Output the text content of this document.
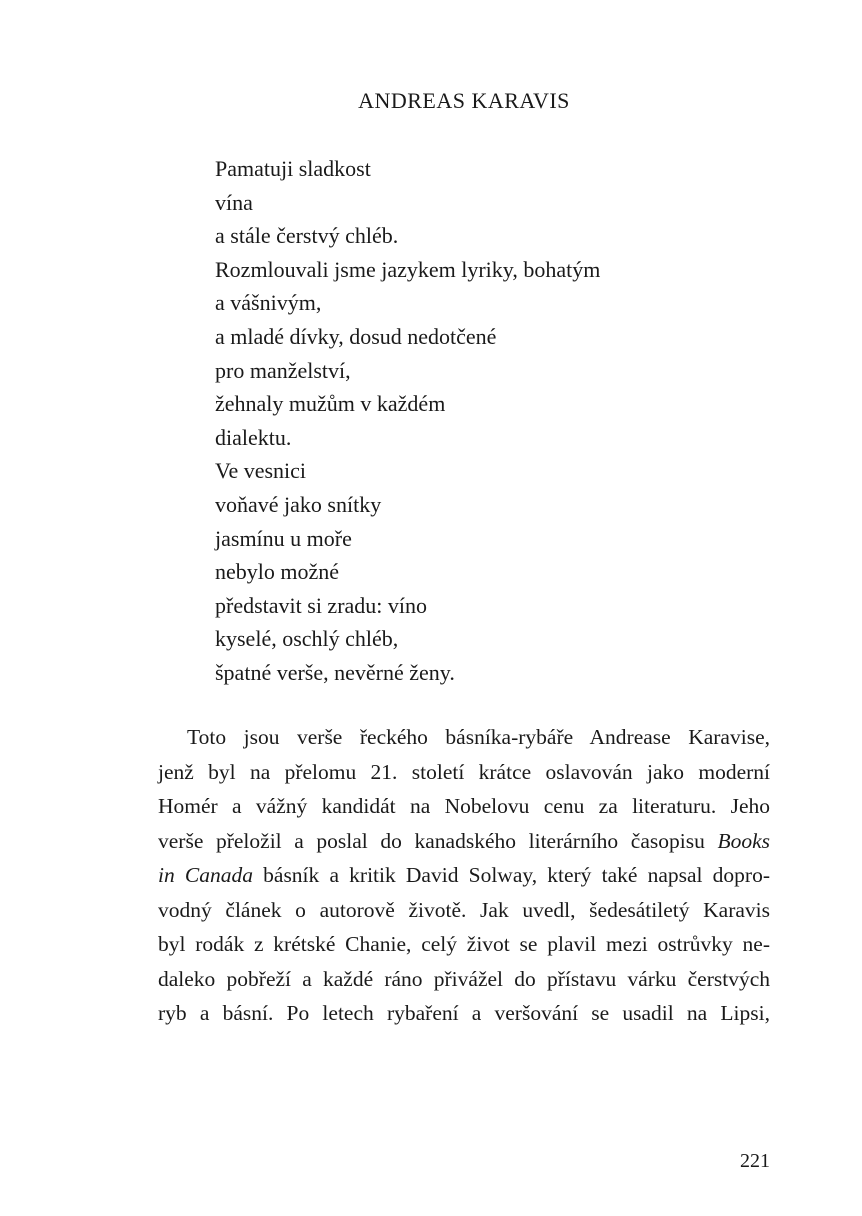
ANDREAS KARAVIS
Pamatuji sladkost
vína
a stále čerstvý chléb.
Rozmlouvali jsme jazykem lyriky, bohatým
a vášnivým,
a mladé dívky, dosud nedotčené
pro manželství,
žehnaly mužům v každém
dialektu.
Ve vesnici
voňavé jako snítky
jasmínu u moře
nebylo možné
představit si zradu: víno
kyselé, oschlý chléb,
špatné verše, nevěrné ženy.
Toto jsou verše řeckého básníka-rybáře Andrease Karavise,
jenž byl na přelomu 21. století krátce oslavován jako moderní
Homér a vážný kandidát na Nobelovu cenu za literaturu. Jeho
verše přeložil a poslal do kanadského literárního časopisu Books
in Canada básník a kritik David Solway, který také napsal dopro-
vodný článek o autorově životě. Jak uvedl, šedesátiletý Karavis
byl rodák z krétské Chanie, celý život se plavil mezi ostrůvky ne-
daleko pobřeží a každé ráno přivážel do přístavu várku čerstvých
ryb a básní. Po letech rybaření a veršování se usadil na Lipsi,
221
